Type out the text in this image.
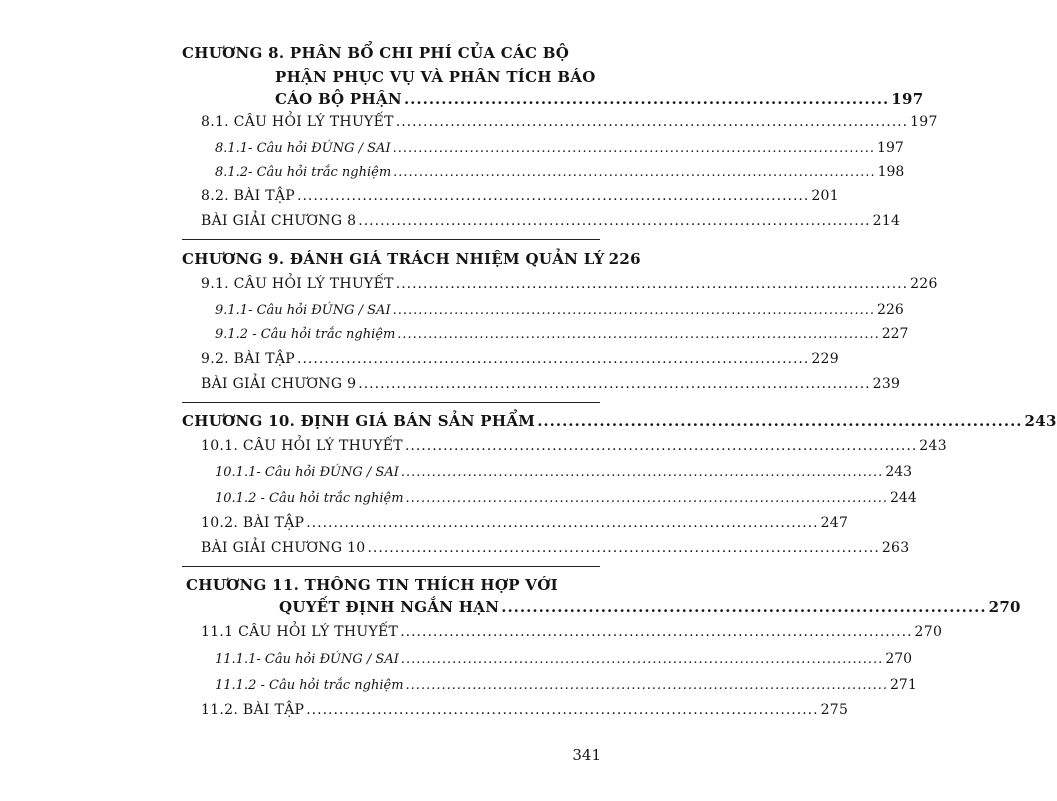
CHƯƠNG 8. PHÂN BỔ CHI PHÍ CỦA CÁC BỘ
PHẬN PHỤC VỤ VÀ PHÂN TÍCH BÁO
CÁO BỘ PHẬN .............................................................................. 197
8.1. CÂU HỎI LÝ THUYẾT .............................................................................................. 197
8.1.1- Câu hỏi ĐÚNG / SAI .............................................................................................. 197
8.1.2- Câu hỏi trắc nghiệm .............................................................................................. 198
8.2. BÀI TẬP .............................................................................................. 201
BÀI GIẢI CHƯƠNG 8 .............................................................................................. 214
CHƯƠNG 9. ĐÁNH GIÁ TRÁCH NHIỆM QUẢN LÝ 226
9.1. CÂU HỎI LÝ THUYẾT .............................................................................................. 226
9.1.1- Câu hỏi ĐÚNG / SAI .............................................................................................. 226
9.1.2 - Câu hỏi trắc nghiệm .............................................................................................. 227
9.2. BÀI TẬP .............................................................................................. 229
BÀI GIẢI CHƯƠNG 9 .............................................................................................. 239
CHƯƠNG 10. ĐỊNH GIÁ BÁN SẢN PHẨM .............................................................................. 243
10.1. CÂU HỎI LÝ THUYẾT .............................................................................................. 243
10.1.1- Câu hỏi ĐÚNG / SAI .............................................................................................. 243
10.1.2 - Câu hỏi trắc nghiệm .............................................................................................. 244
10.2. BÀI TẬP .............................................................................................. 247
BÀI GIẢI CHƯƠNG 10 .............................................................................................. 263
CHƯƠNG 11. THÔNG TIN THÍCH HỢP VỚI
QUYẾT ĐỊNH NGẮN HẠN .............................................................................. 270
11.1 CÂU HỎI LÝ THUYẾT .............................................................................................. 270
11.1.1- Câu hỏi ĐÚNG / SAI .............................................................................................. 270
11.1.2 - Câu hỏi trắc nghiệm .............................................................................................. 271
11.2. BÀI TẬP .............................................................................................. 275
341
